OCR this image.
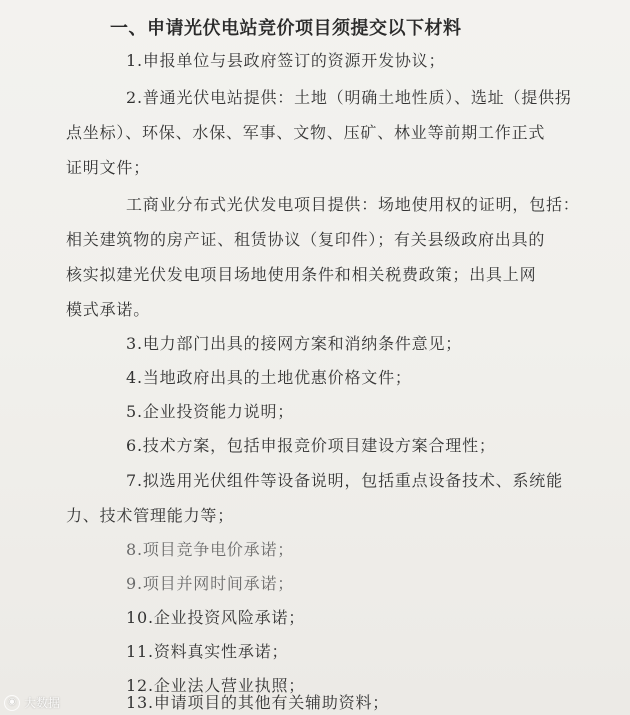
一、申请光伏电站竞价项目须提交以下材料
1.申报单位与县政府签订的资源开发协议；
2.普通光伏电站提供：土地（明确土地性质）、选址（提供拐
点坐标）、环保、水保、军事、文物、压矿、林业等前期工作正式
证明文件；
工商业分布式光伏发电项目提供：场地使用权的证明，包括：
相关建筑物的房产证、租赁协议（复印件）；有关县级政府出具的
核实拟建光伏发电项目场地使用条件和相关税费政策；出具上网
模式承诺。
3.电力部门出具的接网方案和消纳条件意见；
4.当地政府出具的土地优惠价格文件；
5.企业投资能力说明；
6.技术方案，包括申报竞价项目建设方案合理性；
7.拟选用光伏组件等设备说明，包括重点设备技术、系统能
力、技术管理能力等；
8.项目竞争电价承诺；
9.项目并网时间承诺；
10.企业投资风险承诺；
11.资料真实性承诺；
12.企业法人营业执照；
13.申请项目的其他有关辅助资料；
◉ 大数据
